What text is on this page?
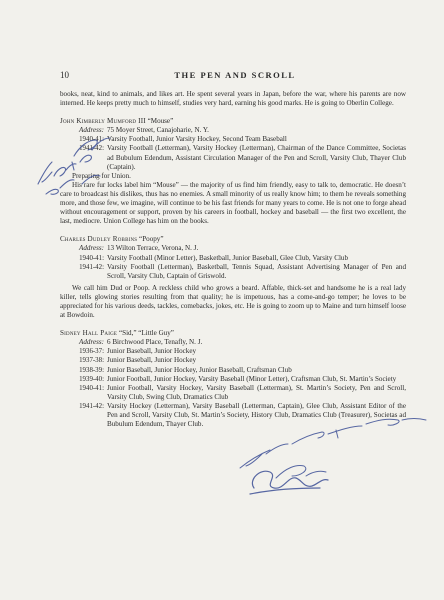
10	THE PEN AND SCROLL

books, neat, kind to animals, and likes art. He spent several years in Japan, before the war, where his parents are now interned. He keeps pretty much to himself, studies very hard, earning his good marks. He is going to Oberlin College.

John Kimberly Mumford III “Mouse”

Address: 75 Moyer Street, Canajoharie, N. Y.
1940-41: Varsity Football, Junior Varsity Hockey, Second Team Baseball
1941-42: Varsity Football (Letterman), Varsity Hockey (Letterman), Chairman of the Dance Committee, Societas ad Bubulum Edendum, Assistant Circulation Manager of the Pen and Scroll, Varsity Club, Thayer Club (Captain).

Preparing for Union.

His rare fur locks label him “Mouse” — the majority of us find him friendly, easy to talk to, democratic. He doesn’t care to broadcast his dislikes, thus has no enemies. A small minority of us really know him; to them he reveals something more, and those few, we imagine, will continue to be his fast friends for many years to come. He is not one to forge ahead without encouragement or support, proven by his careers in football, hockey and baseball — the first two excellent, the last, mediocre. Union College has him on the books.

Charles Dudley Robbins “Poopy”

Address: 13 Wilton Terrace, Verona, N. J.
1940-41: Varsity Football (Minor Letter), Basketball, Junior Baseball, Glee Club, Varsity Club
1941-42: Varsity Football (Letterman), Basketball, Tennis Squad, Assistant Advertising Manager of Pen and Scroll, Varsity Club, Captain of Griswold.

We call him Dud or Poop. A reckless child who grows a beard. Affable, thick-set and handsome he is a real lady killer, tells glowing stories resulting from that quality; he is impetuous, has a come-and-go temper; he loves to be appreciated for his various deeds, tackles, comebacks, jokes, etc. He is going to zoom up to Maine and turn himself loose at Bowdoin.

Sidney Hall Paige “Sid,” “Little Guy”

Address: 6 Birchwood Place, Tenafly, N. J.
1936-37: Junior Baseball, Junior Hockey
1937-38: Junior Baseball, Junior Hockey
1938-39: Junior Baseball, Junior Hockey, Junior Baseball, Craftsman Club
1939-40: Junior Football, Junior Hockey, Varsity Baseball (Minor Letter), Craftsman Club, St. Martin’s Society
1940-41: Junior Football, Varsity Hockey, Varsity Baseball (Letterman), St. Martin’s Society, Pen and Scroll, Varsity Club, Swing Club, Dramatics Club
1941-42: Varsity Hockey (Letterman), Varsity Baseball (Letterman, Captain), Glee Club, Assistant Editor of the Pen and Scroll, Varsity Club, St. Martin’s Society, History Club, Dramatics Club (Treasurer), Societas ad Bubulum Edendum, Thayer Club.
